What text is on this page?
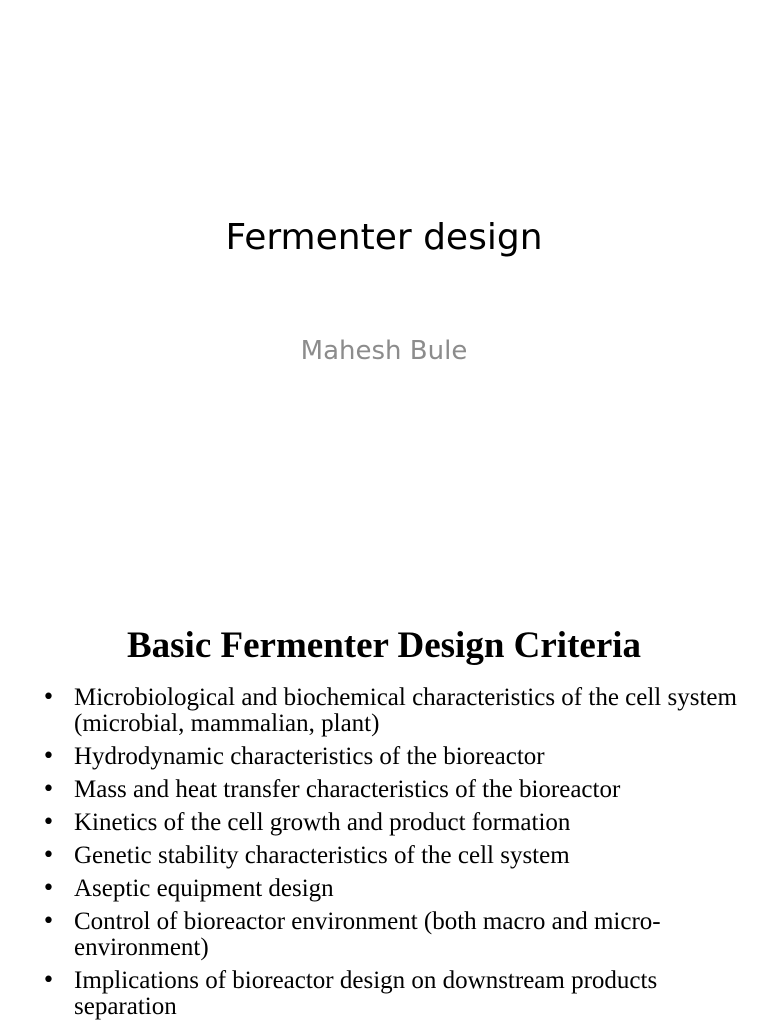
Fermenter design
Mahesh Bule
Basic Fermenter Design Criteria
• Microbiological and biochemical characteristics of the cell system (microbial, mammalian, plant)
• Hydrodynamic characteristics of the bioreactor
• Mass and heat transfer characteristics of the bioreactor
• Kinetics of the cell growth and product formation
• Genetic stability characteristics of the cell system
• Aseptic equipment design
• Control of bioreactor environment (both macro and micro-environment)
• Implications of bioreactor design on downstream products separation
